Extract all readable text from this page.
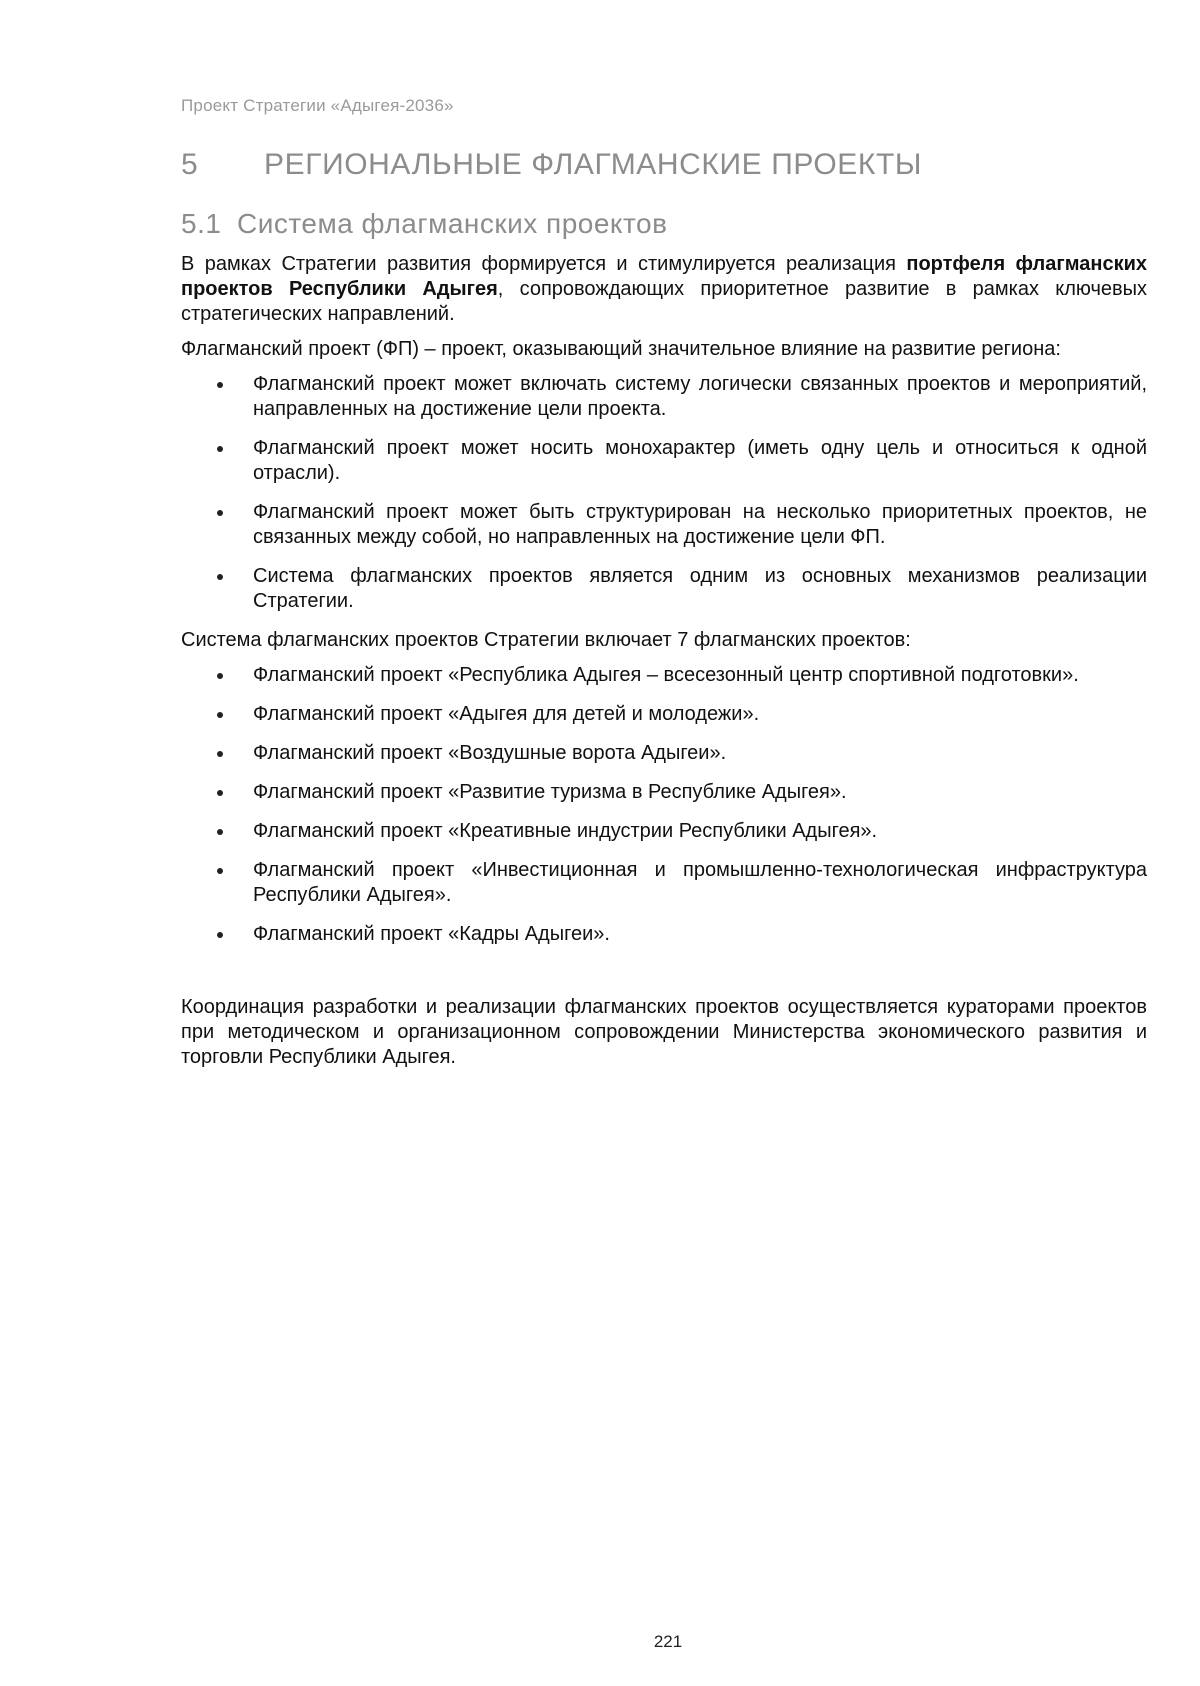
Проект Стратегии «Адыгея-2036»
5 РЕГИОНАЛЬНЫЕ ФЛАГМАНСКИЕ ПРОЕКТЫ
5.1 Система флагманских проектов

В рамках Стратегии развития формируется и стимулируется реализация портфеля флагманских проектов Республики Адыгея, сопровождающих приоритетное развитие в рамках ключевых стратегических направлений.

Флагманский проект (ФП) – проект, оказывающий значительное влияние на развитие региона:

Флагманский проект может включать систему логически связанных проектов и мероприятий, направленных на достижение цели проекта.
Флагманский проект может носить монохарактер (иметь одну цель и относиться к одной отрасли).
Флагманский проект может быть структурирован на несколько приоритетных проектов, не связанных между собой, но направленных на достижение цели ФП.
Система флагманских проектов является одним из основных механизмов реализации Стратегии.

Система флагманских проектов Стратегии включает 7 флагманских проектов:

Флагманский проект «Республика Адыгея – всесезонный центр спортивной подготовки».
Флагманский проект «Адыгея для детей и молодежи».
Флагманский проект «Воздушные ворота Адыгеи».
Флагманский проект «Развитие туризма в Республике Адыгея».
Флагманский проект «Креативные индустрии Республики Адыгея».
Флагманский проект «Инвестиционная и промышленно-технологическая инфраструктура Республики Адыгея».
Флагманский проект «Кадры Адыгеи».

Координация разработки и реализации флагманских проектов осуществляется кураторами проектов при методическом и организационном сопровождении Министерства экономического развития и торговли Республики Адыгея.

221
